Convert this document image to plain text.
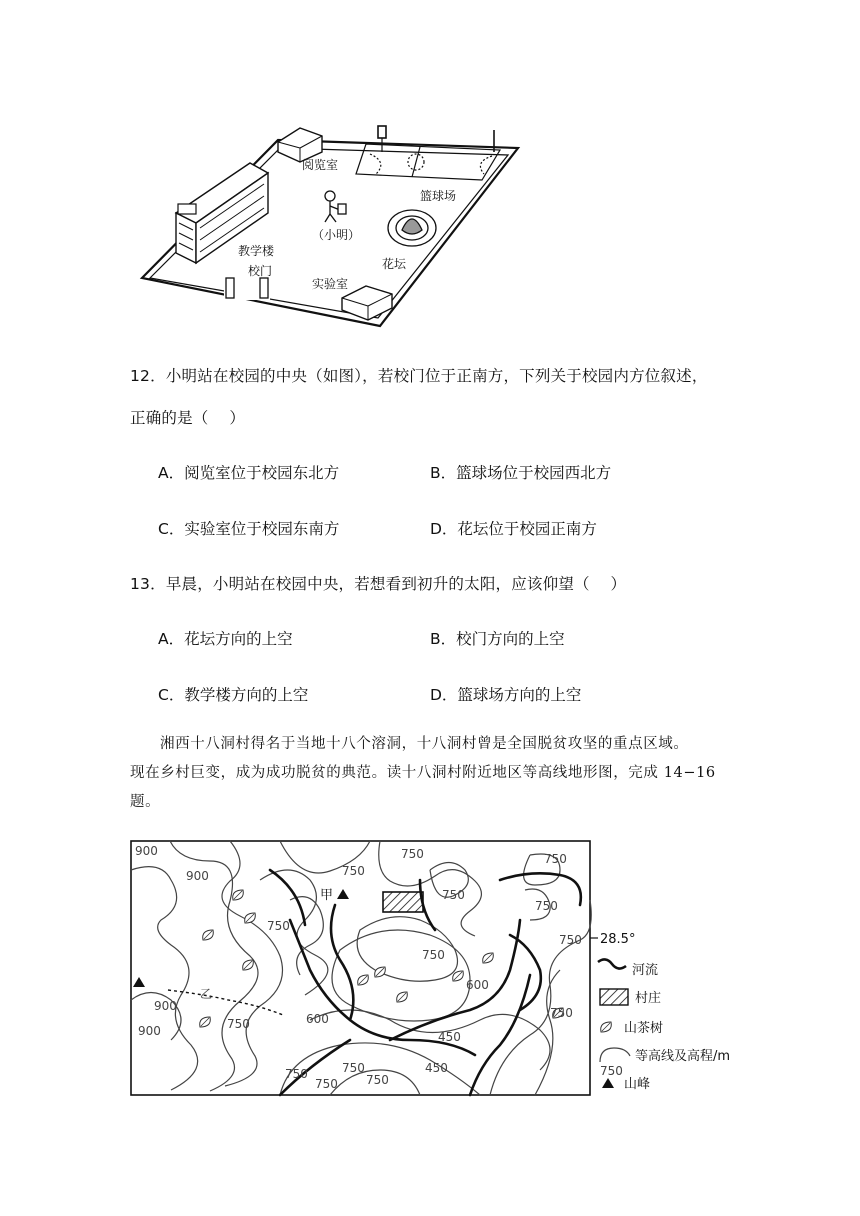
阅览室
篮球场
（小明）
花坛
教学楼
校门
实验室
12．小明站在校园的中央（如图），若校门位于正南方，下列关于校园内方位叙述，
正确的是（　 ）
A．阅览室位于校园东北方	B．篮球场位于校园西北方
C．实验室位于校园东南方	D．花坛位于校园正南方
13．早晨，小明站在校园中央，若想看到初升的太阳，应该仰望（　 ）
A．花坛方向的上空	B．校门方向的上空
C．教学楼方向的上空	D．篮球场方向的上空
湘西十八洞村得名于当地十八个溶洞，十八洞村曾是全国脱贫攻坚的重点区域。
现在乡村巨变，成为成功脱贫的典范。读十八洞村附近地区等高线地形图，完成 14−16
题。
900
900
900
900
750
750
750
750
750
750
750
750
750
750
750
750
750
750
600
600
450
450
甲
乙
28.5°
河流
村庄
山茶树
等高线及高程/m
750
山峰
